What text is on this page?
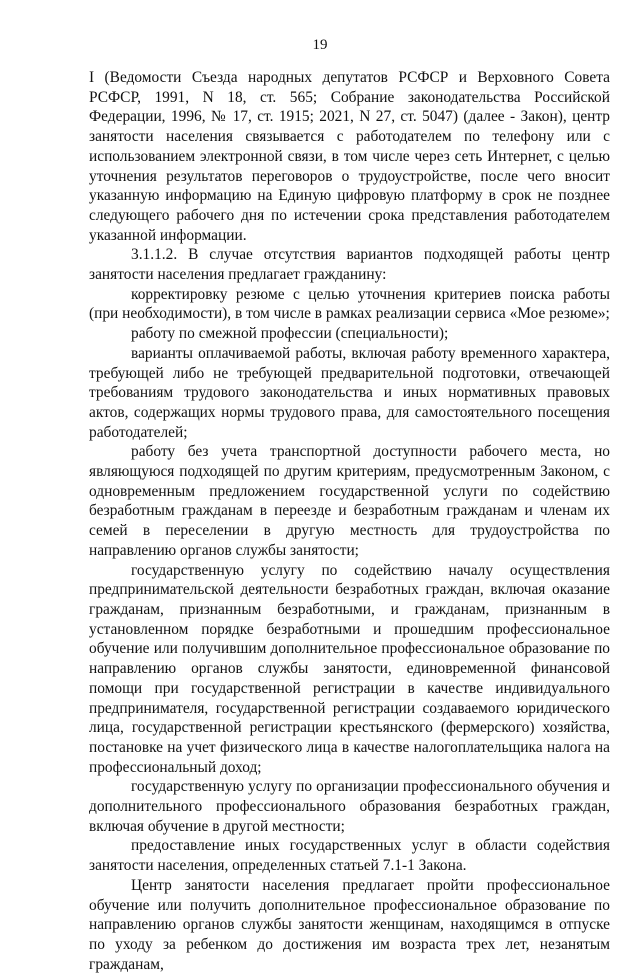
19

I (Ведомости Съезда народных депутатов РСФСР и Верховного Совета РСФСР, 1991, N 18, ст. 565; Собрание законодательства Российской Федерации, 1996, № 17, ст. 1915; 2021, N 27, ст. 5047) (далее - Закон), центр занятости населения связывается с работодателем по телефону или с использованием электронной связи, в том числе через сеть Интернет, с целью уточнения результатов переговоров о трудоустройстве, после чего вносит указанную информацию на Единую цифровую платформу в срок не позднее следующего рабочего дня по истечении срока представления работодателем указанной информации.

3.1.1.2. В случае отсутствия вариантов подходящей работы центр занятости населения предлагает гражданину:

корректировку резюме с целью уточнения критериев поиска работы (при необходимости), в том числе в рамках реализации сервиса «Мое резюме»;

работу по смежной профессии (специальности);

варианты оплачиваемой работы, включая работу временного характера, требующей либо не требующей предварительной подготовки, отвечающей требованиям трудового законодательства и иных нормативных правовых актов, содержащих нормы трудового права, для самостоятельного посещения работодателей;

работу без учета транспортной доступности рабочего места, но являющуюся подходящей по другим критериям, предусмотренным Законом, с одновременным предложением государственной услуги по содействию безработным гражданам в переезде и безработным гражданам и членам их семей в переселении в другую местность для трудоустройства по направлению органов службы занятости;

государственную услугу по содействию началу осуществления предпринимательской деятельности безработных граждан, включая оказание гражданам, признанным безработными, и гражданам, признанным в установленном порядке безработными и прошедшим профессиональное обучение или получившим дополнительное профессиональное образование по направлению органов службы занятости, единовременной финансовой помощи при государственной регистрации в качестве индивидуального предпринимателя, государственной регистрации создаваемого юридического лица, государственной регистрации крестьянского (фермерского) хозяйства, постановке на учет физического лица в качестве налогоплательщика налога на профессиональный доход;

государственную услугу по организации профессионального обучения и дополнительного профессионального образования безработных граждан, включая обучение в другой местности;

предоставление иных государственных услуг в области содействия занятости населения, определенных статьей 7.1-1 Закона.

Центр занятости населения предлагает пройти профессиональное обучение или получить дополнительное профессиональное образование по направлению органов службы занятости женщинам, находящимся в отпуске по уходу за ребенком до достижения им возраста трех лет, незанятым гражданам,
